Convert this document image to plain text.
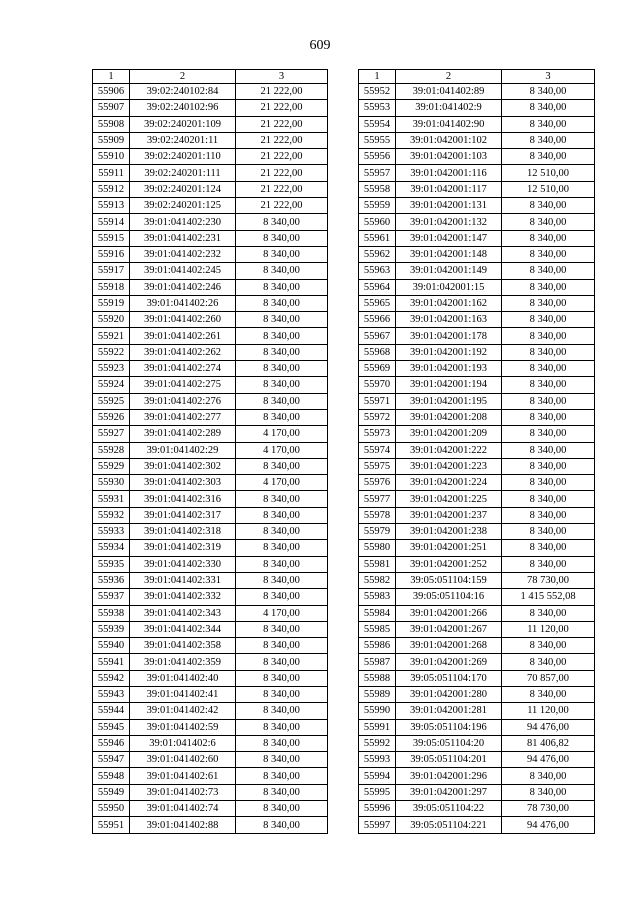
609
1	2	3
55906	39:02:240102:84	21 222,00
55907	39:02:240102:96	21 222,00
55908	39:02:240201:109	21 222,00
55909	39:02:240201:11	21 222,00
55910	39:02:240201:110	21 222,00
55911	39:02:240201:111	21 222,00
55912	39:02:240201:124	21 222,00
55913	39:02:240201:125	21 222,00
55914	39:01:041402:230	8 340,00
55915	39:01:041402:231	8 340,00
55916	39:01:041402:232	8 340,00
55917	39:01:041402:245	8 340,00
55918	39:01:041402:246	8 340,00
55919	39:01:041402:26	8 340,00
55920	39:01:041402:260	8 340,00
55921	39:01:041402:261	8 340,00
55922	39:01:041402:262	8 340,00
55923	39:01:041402:274	8 340,00
55924	39:01:041402:275	8 340,00
55925	39:01:041402:276	8 340,00
55926	39:01:041402:277	8 340,00
55927	39:01:041402:289	4 170,00
55928	39:01:041402:29	4 170,00
55929	39:01:041402:302	8 340,00
55930	39:01:041402:303	4 170,00
55931	39:01:041402:316	8 340,00
55932	39:01:041402:317	8 340,00
55933	39:01:041402:318	8 340,00
55934	39:01:041402:319	8 340,00
55935	39:01:041402:330	8 340,00
55936	39:01:041402:331	8 340,00
55937	39:01:041402:332	8 340,00
55938	39:01:041402:343	4 170,00
55939	39:01:041402:344	8 340,00
55940	39:01:041402:358	8 340,00
55941	39:01:041402:359	8 340,00
55942	39:01:041402:40	8 340,00
55943	39:01:041402:41	8 340,00
55944	39:01:041402:42	8 340,00
55945	39:01:041402:59	8 340,00
55946	39:01:041402:6	8 340,00
55947	39:01:041402:60	8 340,00
55948	39:01:041402:61	8 340,00
55949	39:01:041402:73	8 340,00
55950	39:01:041402:74	8 340,00
55951	39:01:041402:88	8 340,00
1	2	3
55952	39:01:041402:89	8 340,00
55953	39:01:041402:9	8 340,00
55954	39:01:041402:90	8 340,00
55955	39:01:042001:102	8 340,00
55956	39:01:042001:103	8 340,00
55957	39:01:042001:116	12 510,00
55958	39:01:042001:117	12 510,00
55959	39:01:042001:131	8 340,00
55960	39:01:042001:132	8 340,00
55961	39:01:042001:147	8 340,00
55962	39:01:042001:148	8 340,00
55963	39:01:042001:149	8 340,00
55964	39:01:042001:15	8 340,00
55965	39:01:042001:162	8 340,00
55966	39:01:042001:163	8 340,00
55967	39:01:042001:178	8 340,00
55968	39:01:042001:192	8 340,00
55969	39:01:042001:193	8 340,00
55970	39:01:042001:194	8 340,00
55971	39:01:042001:195	8 340,00
55972	39:01:042001:208	8 340,00
55973	39:01:042001:209	8 340,00
55974	39:01:042001:222	8 340,00
55975	39:01:042001:223	8 340,00
55976	39:01:042001:224	8 340,00
55977	39:01:042001:225	8 340,00
55978	39:01:042001:237	8 340,00
55979	39:01:042001:238	8 340,00
55980	39:01:042001:251	8 340,00
55981	39:01:042001:252	8 340,00
55982	39:05:051104:159	78 730,00
55983	39:05:051104:16	1 415 552,08
55984	39:01:042001:266	8 340,00
55985	39:01:042001:267	11 120,00
55986	39:01:042001:268	8 340,00
55987	39:01:042001:269	8 340,00
55988	39:05:051104:170	70 857,00
55989	39:01:042001:280	8 340,00
55990	39:01:042001:281	11 120,00
55991	39:05:051104:196	94 476,00
55992	39:05:051104:20	81 406,82
55993	39:05:051104:201	94 476,00
55994	39:01:042001:296	8 340,00
55995	39:01:042001:297	8 340,00
55996	39:05:051104:22	78 730,00
55997	39:05:051104:221	94 476,00
